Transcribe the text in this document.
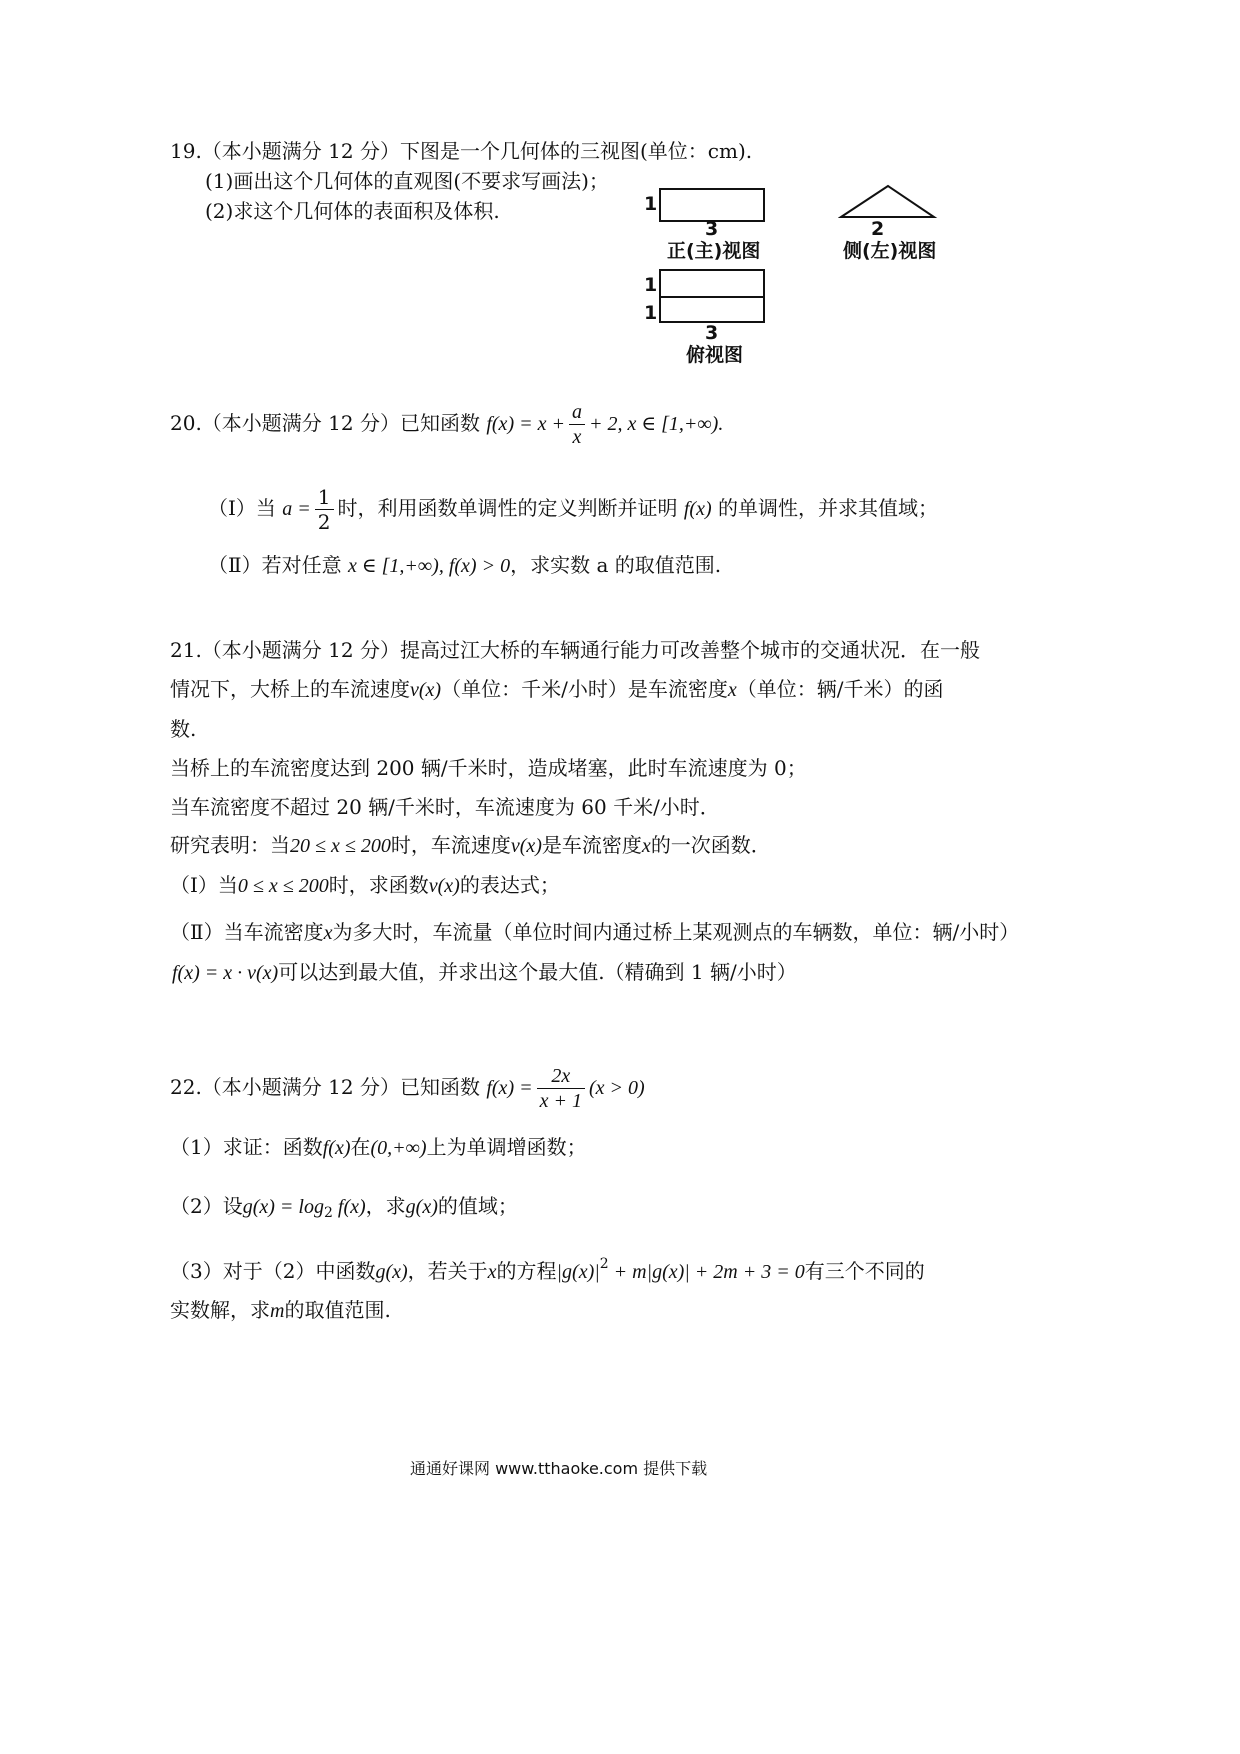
19.（本小题满分 12 分）下图是一个几何体的三视图(单位：cm).
(1)画出这个几何体的直观图(不要求写画法)；
(2)求这个几何体的表面积及体积.	1
3
正(主)视图
2
侧(左)视图
1
1
3
俯视图
20.（本小题满分 12 分）已知函数 $f(x) = x + \frac{a}{x} + 2$, x ∈ [1,+∞).
（Ⅰ）当 $a = \frac{1}{2}$ 时，利用函数单调性的定义判断并证明 f(x) 的单调性，并求其值域；
（Ⅱ）若对任意 x ∈ [1,+∞), f(x) > 0，求实数 a 的取值范围.
21.（本小题满分 12 分）提高过江大桥的车辆通行能力可改善整个城市的交通状况．在一般
情况下，大桥上的车流速度v(x)（单位：千米/小时）是车流密度x（单位：辆/千米）的函
数.
当桥上的车流密度达到 200 辆/千米时，造成堵塞，此时车流速度为 0；
当车流密度不超过 20 辆/千米时，车流速度为 60 千米/小时．
研究表明：当20 ≤ x ≤ 200时，车流速度v(x)是车流密度x的一次函数．
（Ⅰ）当0 ≤ x ≤ 200时，求函数v(x)的表达式；
（Ⅱ）当车流密度x为多大时，车流量（单位时间内通过桥上某观测点的车辆数，单位：辆/小时）
f(x) = x · v(x)可以达到最大值，并求出这个最大值.（精确到 1 辆/小时）
22.（本小题满分 12 分）已知函数 $f(x) = \frac{2x}{x + 1} (x > 0)$
（1）求证：函数f(x)在(0,+∞)上为单调增函数；
（2）设$g(x) = \log_2 f(x)$，求g(x)的值域；
（3）对于（2）中函数g(x)，若关于x的方程$|g(x)|^2 + m|g(x)| + 2m + 3 = 0$有三个不同的
实数解，求m的取值范围.
通通好课网 www.tthaoke.com 提供下载
